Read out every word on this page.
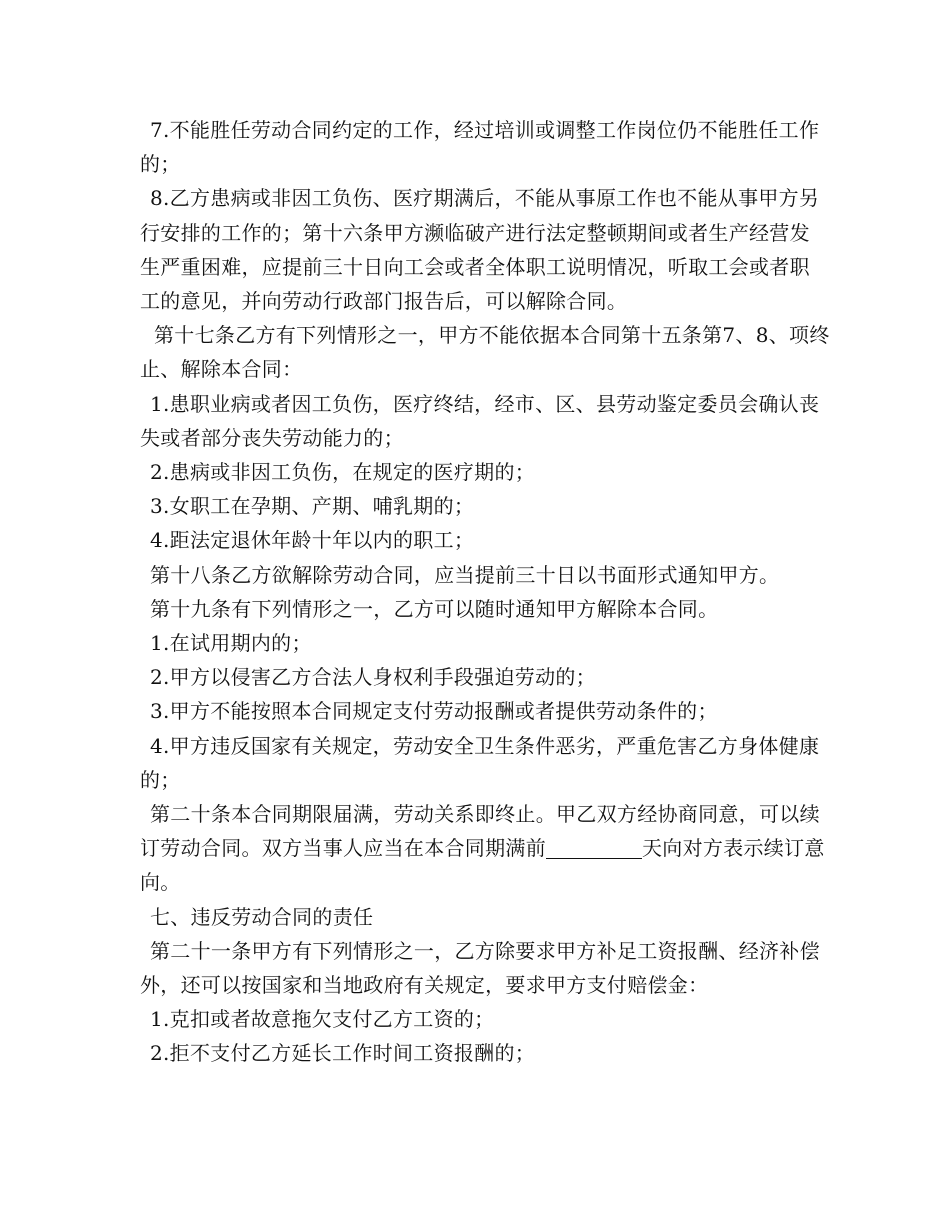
7.不能胜任劳动合同约定的工作，经过培训或调整工作岗位仍不能胜任工作的；

8.乙方患病或非因工负伤、医疗期满后，不能从事原工作也不能从事甲方另行安排的工作的；第十六条甲方濒临破产进行法定整顿期间或者生产经营发生严重困难，应提前三十日向工会或者全体职工说明情况，听取工会或者职工的意见，并向劳动行政部门报告后，可以解除合同。

第十七条乙方有下列情形之一，甲方不能依据本合同第十五条第7、8、项终止、解除本合同：

1.患职业病或者因工负伤，医疗终结，经市、区、县劳动鉴定委员会确认丧失或者部分丧失劳动能力的；

2.患病或非因工负伤，在规定的医疗期的；

3.女职工在孕期、产期、哺乳期的；

4.距法定退休年龄十年以内的职工；

第十八条乙方欲解除劳动合同，应当提前三十日以书面形式通知甲方。

第十九条有下列情形之一，乙方可以随时通知甲方解除本合同。

1.在试用期内的；

2.甲方以侵害乙方合法人身权利手段强迫劳动的；

3.甲方不能按照本合同规定支付劳动报酬或者提供劳动条件的；

4.甲方违反国家有关规定，劳动安全卫生条件恶劣，严重危害乙方身体健康的；

第二十条本合同期限届满，劳动关系即终止。甲乙双方经协商同意，可以续订劳动合同。双方当事人应当在本合同期满前	天向对方表示续订意向。

七、违反劳动合同的责任

第二十一条甲方有下列情形之一，乙方除要求甲方补足工资报酬、经济补偿外，还可以按国家和当地政府有关规定，要求甲方支付赔偿金：

1.克扣或者故意拖欠支付乙方工资的；

2.拒不支付乙方延长工作时间工资报酬的；
